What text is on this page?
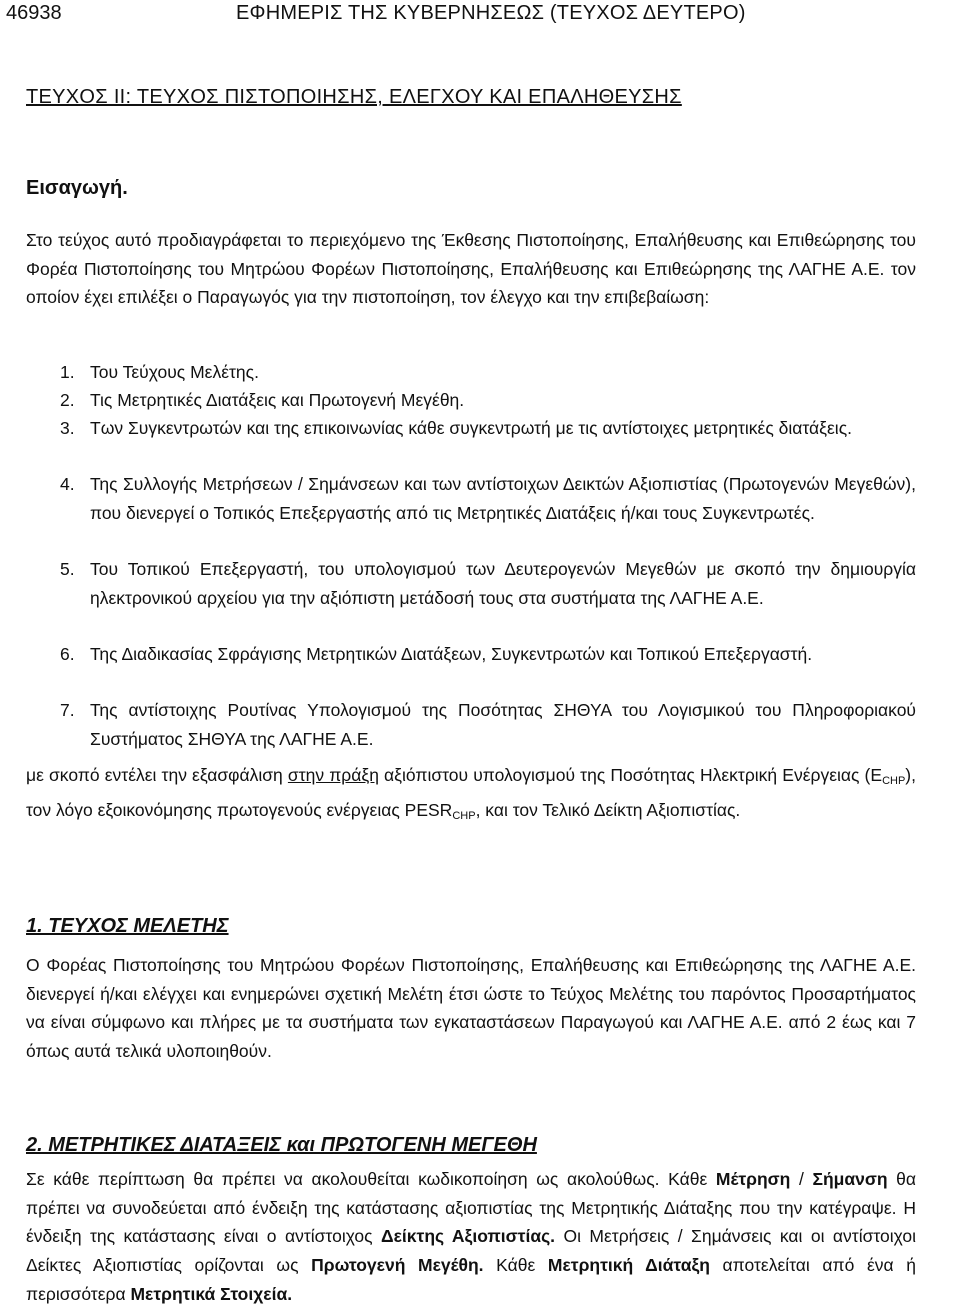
46938	ΕΦΗΜΕΡΙΣ ΤΗΣ ΚΥΒΕΡΝΗΣΕΩΣ (ΤΕΥΧΟΣ ΔΕΥΤΕΡΟ)
ΤΕΥΧΟΣ ΙΙ: ΤΕΥΧΟΣ ΠΙΣΤΟΠΟΙΗΣΗΣ, ΕΛΕΓΧΟΥ ΚΑΙ ΕΠΑΛΗΘΕΥΣΗΣ
Εισαγωγή.
Στο τεύχος αυτό προδιαγράφεται το περιεχόμενο της Έκθεσης Πιστοποίησης, Επαλήθευσης και Επιθεώρησης του Φορέα Πιστοποίησης του Μητρώου Φορέων Πιστοποίησης, Επαλήθευσης και Επιθεώρησης της ΛΑΓΗΕ Α.Ε. τον οποίον έχει επιλέξει ο Παραγωγός για την πιστοποίηση, τον έλεγχο και την επιβεβαίωση:
1. Του Τεύχους Μελέτης.
2. Τις Μετρητικές Διατάξεις και Πρωτογενή Μεγέθη.
3. Των Συγκεντρωτών και της επικοινωνίας κάθε συγκεντρωτή με τις αντίστοιχες μετρητικές διατάξεις.
4. Της Συλλογής Μετρήσεων / Σημάνσεων και των αντίστοιχων Δεικτών Αξιοπιστίας (Πρωτογενών Μεγεθών), που διενεργεί ο Τοπικός Επεξεργαστής από τις Μετρητικές Διατάξεις ή/και τους Συγκεντρωτές.
5. Του Τοπικού Επεξεργαστή, του υπολογισμού των Δευτερογενών Μεγεθών με σκοπό την δημιουργία ηλεκτρονικού αρχείου για την αξιόπιστη μετάδοσή τους στα συστήματα της ΛΑΓΗΕ Α.Ε.
6. Της Διαδικασίας Σφράγισης Μετρητικών Διατάξεων, Συγκεντρωτών και Τοπικού Επεξεργαστή.
7. Της αντίστοιχης Ρουτίνας Υπολογισμού της Ποσότητας ΣΗΘΥΑ του Λογισμικού του Πληροφοριακού Συστήματος ΣΗΘΥΑ της ΛΑΓΗΕ Α.Ε.
με σκοπό εντέλει την εξασφάλιση στην πράξη αξιόπιστου υπολογισμού της Ποσότητας Ηλεκτρική Ενέργειας $(E_{CHP})$, τον λόγο εξοικονόμησης πρωτογενούς ενέργειας $PESR_{CHP}$, και τον Τελικό Δείκτη Αξιοπιστίας.
1. ΤΕΥΧΟΣ ΜΕΛΕΤΗΣ
Ο Φορέας Πιστοποίησης του Μητρώου Φορέων Πιστοποίησης, Επαλήθευσης και Επιθεώρησης της ΛΑΓΗΕ Α.Ε. διενεργεί ή/και ελέγχει και ενημερώνει σχετική Μελέτη έτσι ώστε το Τεύχος Μελέτης του παρόντος Προσαρτήματος να είναι σύμφωνο και πλήρες με τα συστήματα των εγκαταστάσεων Παραγωγού και ΛΑΓΗΕ Α.Ε. από 2 έως και 7 όπως αυτά τελικά υλοποιηθούν.
2. ΜΕΤΡΗΤΙΚΕΣ ΔΙΑΤΑΞΕΙΣ και ΠΡΩΤΟΓΕΝΗ ΜΕΓΕΘΗ
Σε κάθε περίπτωση θα πρέπει να ακολουθείται κωδικοποίηση ως ακολούθως. Κάθε Μέτρηση / Σήμανση θα πρέπει να συνοδεύεται από ένδειξη της κατάστασης αξιοπιστίας της Μετρητικής Διάταξης που την κατέγραψε. Η ένδειξη της κατάστασης είναι ο αντίστοιχος Δείκτης Αξιοπιστίας. Οι Μετρήσεις / Σημάνσεις και οι αντίστοιχοι Δείκτες Αξιοπιστίας ορίζονται ως Πρωτογενή Μεγέθη. Κάθε Μετρητική Διάταξη αποτελείται από ένα ή περισσότερα Μετρητικά Στοιχεία.
